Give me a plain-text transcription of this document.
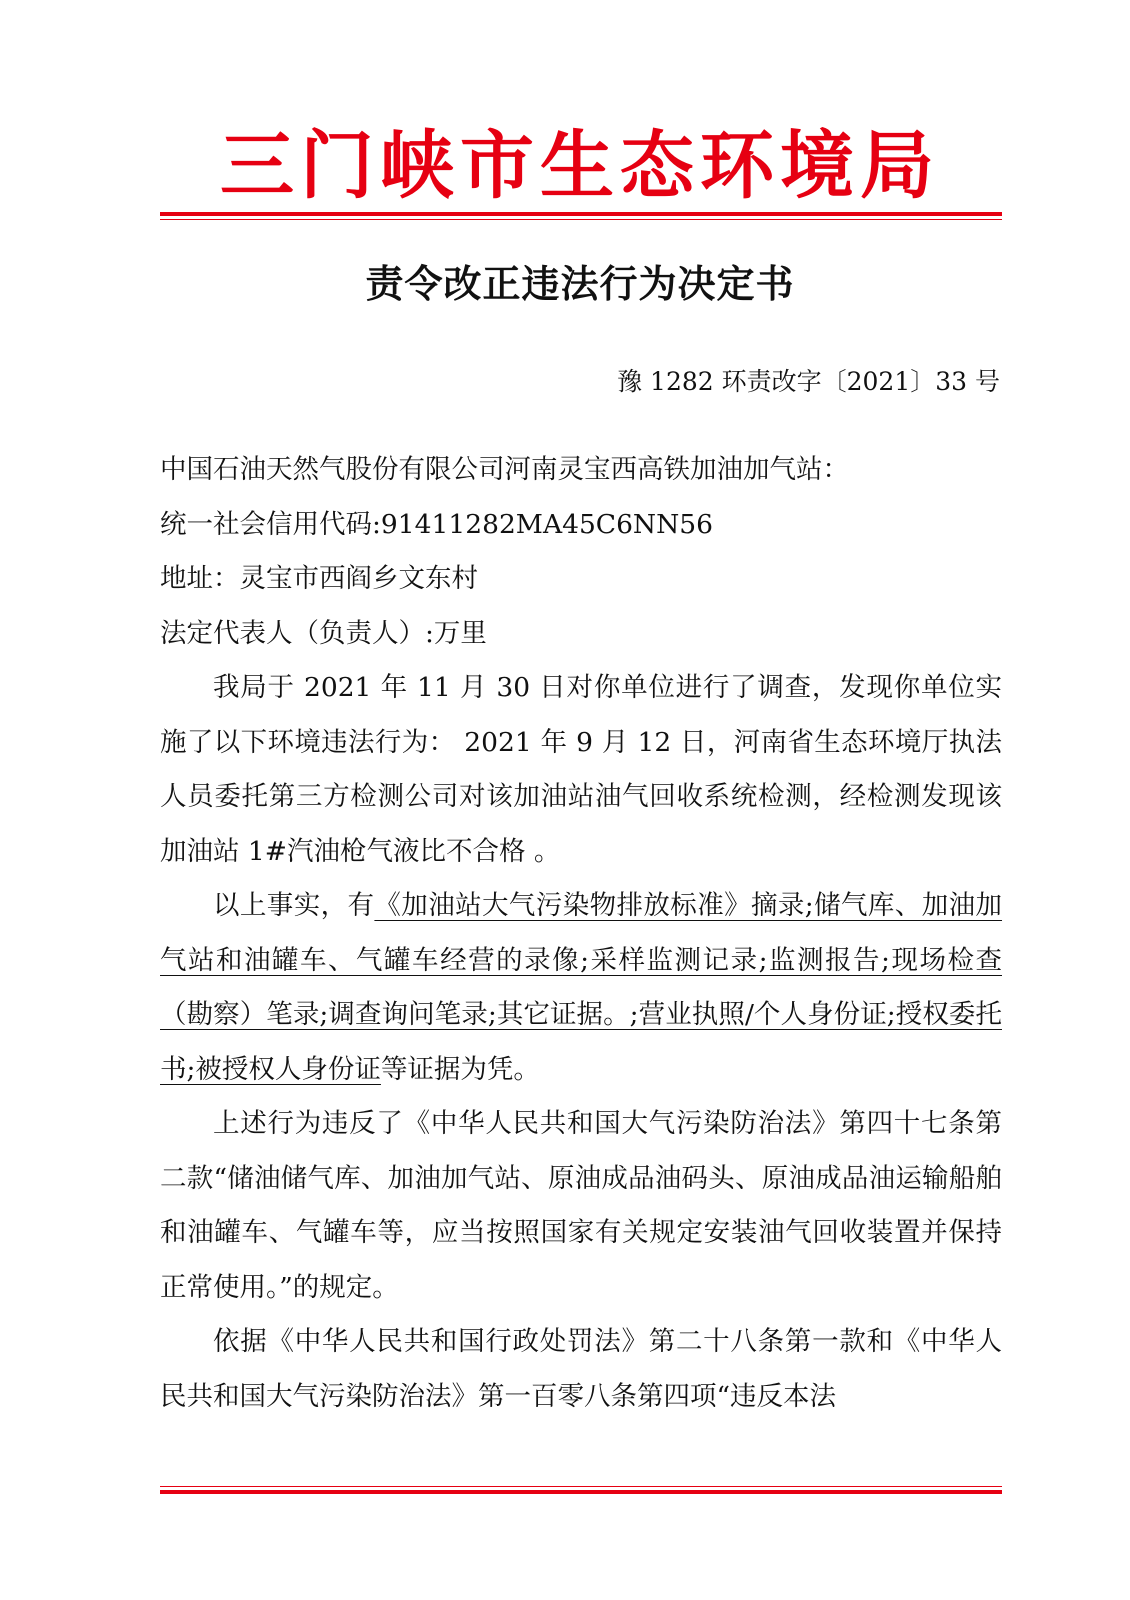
三门峡市生态环境局
责令改正违法行为决定书
豫 1282 环责改字〔2021〕33 号

中国石油天然气股份有限公司河南灵宝西高铁加油加气站：

统一社会信用代码:91411282MA45C6NN56

地址：灵宝市西阎乡文东村

法定代表人（负责人）:万里

我局于 2021 年 11 月 30 日对你单位进行了调查，发现你单位实施了以下环境违法行为： 2021 年 9 月 12 日，河南省生态环境厅执法人员委托第三方检测公司对该加油站油气回收系统检测，经检测发现该加油站 1#汽油枪气液比不合格 。

以上事实，有《加油站大气污染物排放标准》摘录;储气库、加油加气站和油罐车、气罐车经营的录像;采样监测记录;监测报告;现场检查（勘察）笔录;调查询问笔录;其它证据。;营业执照/个人身份证;授权委托书;被授权人身份证等证据为凭。

上述行为违反了《中华人民共和国大气污染防治法》第四十七条第二款“储油储气库、加油加气站、原油成品油码头、原油成品油运输船舶和油罐车、气罐车等，应当按照国家有关规定安装油气回收装置并保持正常使用。”的规定。

依据《中华人民共和国行政处罚法》第二十八条第一款和《中华人民共和国大气污染防治法》第一百零八条第四项“违反本法
